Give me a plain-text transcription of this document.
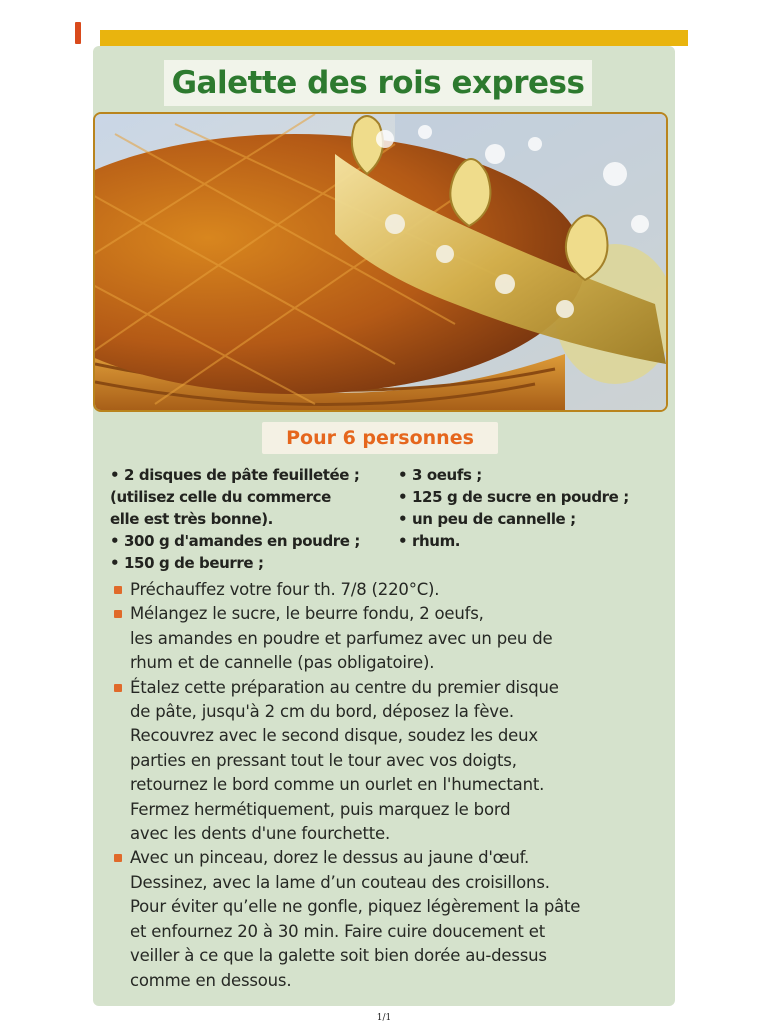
Galette des rois express
Pour 6 personnes
• 2 disques de pâte feuilletée ;
(utilisez celle du commerce
elle est très bonne).
• 300 g d'amandes en poudre ;
• 150 g de beurre ;
• 3 oeufs ;
• 125 g de sucre en poudre ;
• un peu de cannelle ;
• rhum.
Préchauffez votre four th. 7/8 (220°C).
Mélangez le sucre, le beurre fondu, 2 oeufs,
les amandes en poudre et parfumez avec un peu de
rhum et de cannelle (pas obligatoire).
Étalez cette préparation au centre du premier disque
de pâte, jusqu'à 2 cm du bord, déposez la fève.
Recouvrez avec le second disque, soudez les deux
parties en pressant tout le tour avec vos doigts,
retournez le bord comme un ourlet en l'humectant.
Fermez hermétiquement, puis marquez le bord
avec les dents d'une fourchette.
Avec un pinceau, dorez le dessus au jaune d'œuf.
Dessinez, avec la lame d’un couteau des croisillons.
Pour éviter qu’elle ne gonfle, piquez légèrement la pâte
et enfournez 20 à 30 min. Faire cuire doucement et
veiller à ce que la galette soit bien dorée au-dessus
comme en dessous.
1/1
